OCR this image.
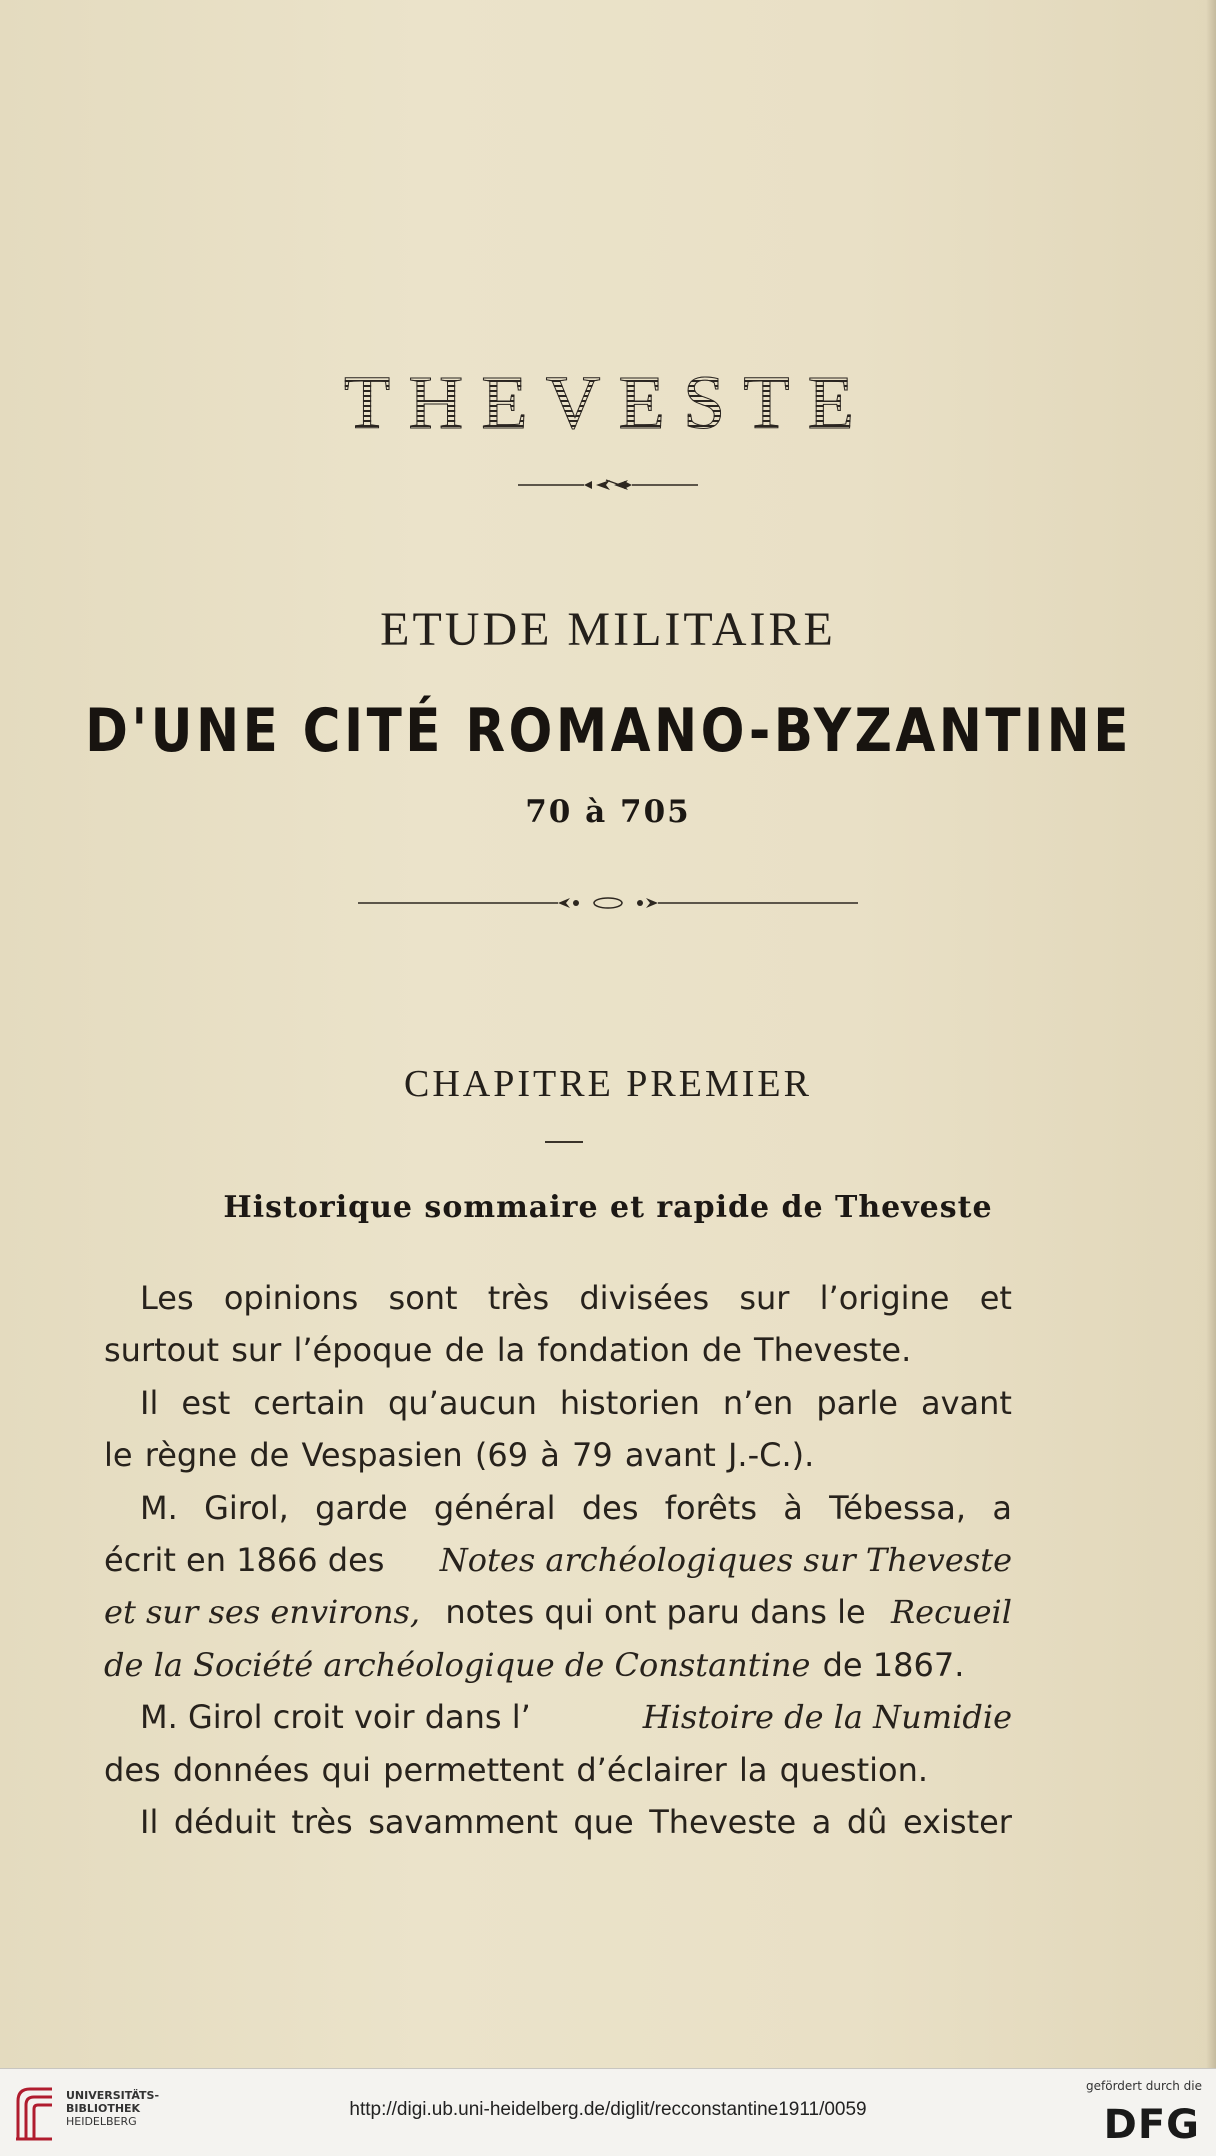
THEVESTE
ETUDE MILITAIRE
D'UNE CITÉ ROMANO-BYZANTINE
70 à 705
CHAPITRE PREMIER
Historique sommaire et rapide de Theveste
Les opinions sont très divisées sur l’origine et
surtout sur l’époque de la fondation de Theveste.
Il est certain qu’aucun historien n’en parle avant
le règne de Vespasien (69 à 79 avant J.-C.).
M. Girol, garde général des forêts à Tébessa, a
écrit en 1866 des Notes archéologiques sur Theveste
et sur ses environs, notes qui ont paru dans le Recueil
de la Société archéologique de Constantine de 1867.
M. Girol croit voir dans l’	Histoire de la Numidie
des données qui permettent d’éclairer la question.
Il déduit très savamment que Theveste a dû exister
UNIVERSITÄTS-
BIBLIOTHEK
HEIDELBERG
http://digi.ub.uni-heidelberg.de/diglit/recconstantine1911/0059
gefördert durch die
DFG
